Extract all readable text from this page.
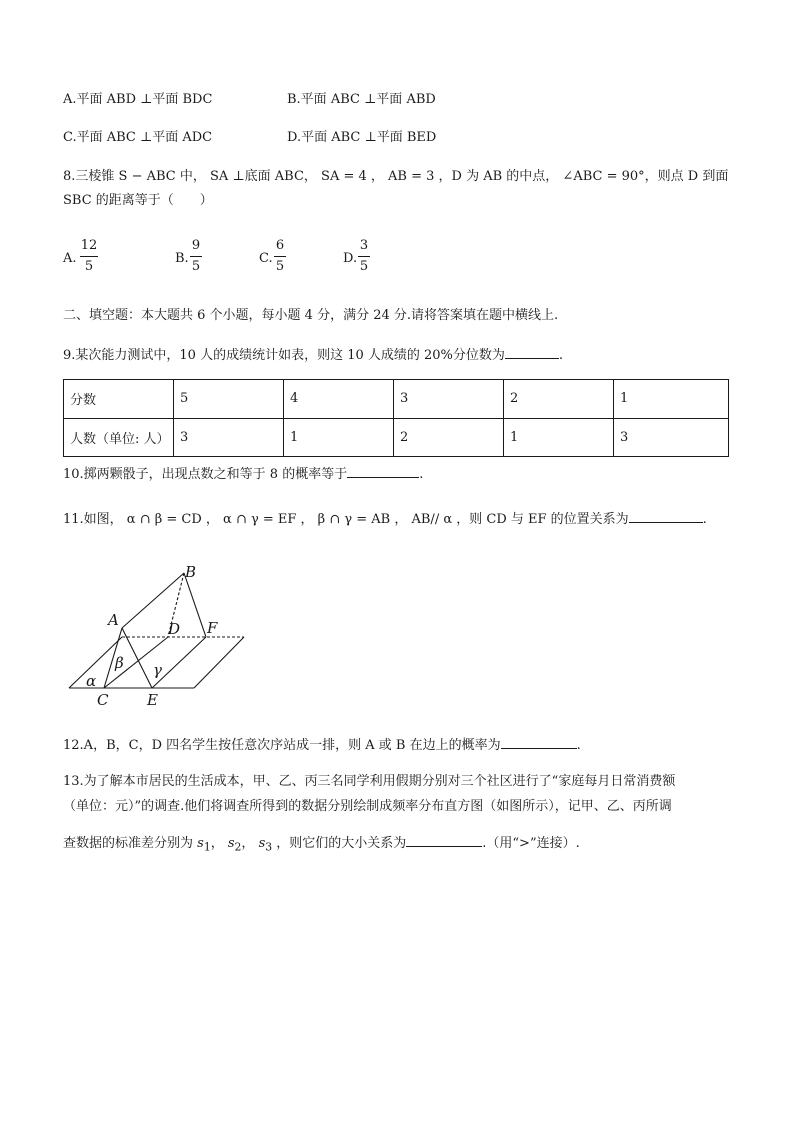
A.平面 ABD ⊥平面 BDC	B.平面 ABC ⊥平面 ABD
C.平面 ABC ⊥平面 ADC	D.平面 ABC ⊥平面 BED
8.三棱锥 S − ABC 中， SA ⊥底面 ABC， SA = 4 ， AB = 3 ，D 为 AB 的中点， ∠ABC = 90°，则点 D 到面
SBC 的距离等于（　　）
A.
12
5
B.
9
5
C.
6
5
D.
3
5
二、填空题：本大题共 6 个小题，每小题 4 分，满分 24 分.请将答案填在题中横线上.
9.某次能力测试中，10 人的成绩统计如表，则这 10 人成绩的 20%分位数为	.
分数	5	4	3	2	1
人数（单位: 人）	3	1	2	1	3
10.掷两颗骰子，出现点数之和等于 8 的概率等于	.
11.如图， α ∩ β = CD ， α ∩ γ = EF ， β ∩ γ = AB ， AB// α ，则 CD 与 EF 的位置关系为	.
A
B
C
D
E
F
α
β γ
12.A，B，C，D 四名学生按任意次序站成一排，则 A 或 B 在边上的概率为	.
13.为了解本市居民的生活成本，甲、乙、丙三名同学利用假期分别对三个社区进行了“家庭每月日常消费额
（单位：元）”的调查.他们将调查所得到的数据分别绘制成频率分布直方图（如图所示），记甲、乙、丙所调
查数据的标准差分别为 $s_1$， $s_2$， $s_3$ ，则它们的大小关系为	.（用“>”连接）.
